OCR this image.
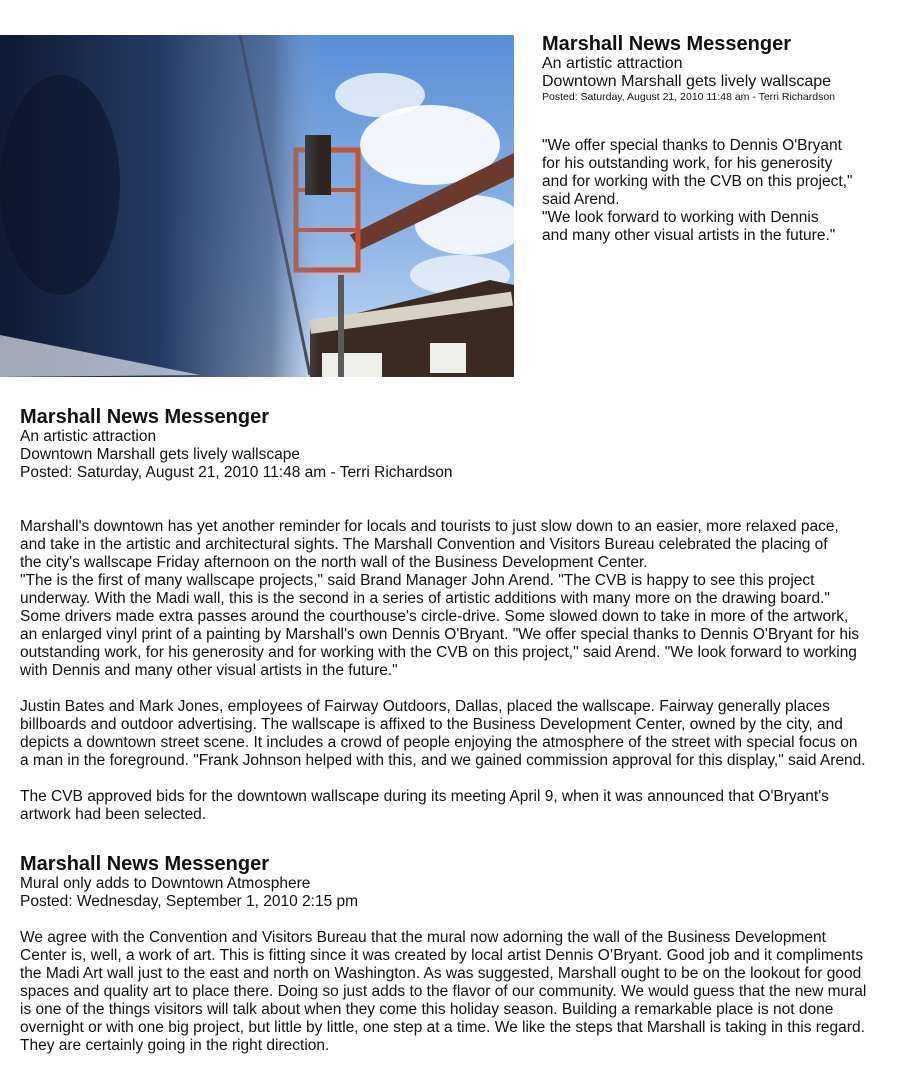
Marshall News Messenger
An artistic attraction
Downtown Marshall gets lively wallscape
Posted: Saturday, August 21, 2010 11:48 am - Terri Richardson
"We offer special thanks to Dennis O'Bryant
for his outstanding work, for his generosity
and for working with the CVB on this project,"
said Arend.
"We look forward to working with Dennis
and many other visual artists in the future."
Marshall News Messenger
An artistic attraction
Downtown Marshall gets lively wallscape
Posted: Saturday, August 21, 2010 11:48 am - Terri Richardson

Marshall's downtown has yet another reminder for locals and tourists to just slow down to an easier, more relaxed pace,
and take in the artistic and architectural sights. The Marshall Convention and Visitors Bureau celebrated the placing of
the city's wallscape Friday afternoon on the north wall of the Business Development Center.
"The is the first of many wallscape projects," said Brand Manager John Arend. "The CVB is happy to see this project
underway. With the Madi wall, this is the second in a series of artistic additions with many more on the drawing board."
Some drivers made extra passes around the courthouse's circle-drive. Some slowed down to take in more of the artwork,
an enlarged vinyl print of a painting by Marshall's own Dennis O'Bryant. "We offer special thanks to Dennis O'Bryant for his
outstanding work, for his generosity and for working with the CVB on this project," said Arend. "We look forward to working
with Dennis and many other visual artists in the future."

Justin Bates and Mark Jones, employees of Fairway Outdoors, Dallas, placed the wallscape. Fairway generally places
billboards and outdoor advertising. The wallscape is affixed to the Business Development Center, owned by the city, and
depicts a downtown street scene. It includes a crowd of people enjoying the atmosphere of the street with special focus on
a man in the foreground. "Frank Johnson helped with this, and we gained commission approval for this display," said Arend.

The CVB approved bids for the downtown wallscape during its meeting April 9, when it was announced that O'Bryant's
artwork had been selected.

Marshall News Messenger
Mural only adds to Downtown Atmosphere
Posted: Wednesday, September 1, 2010 2:15 pm

We agree with the Convention and Visitors Bureau that the mural now adorning the wall of the Business Development
Center is, well, a work of art. This is fitting since it was created by local artist Dennis O’Bryant. Good job and it compliments
the Madi Art wall just to the east and north on Washington. As was suggested, Marshall ought to be on the lookout for good
spaces and quality art to place there. Doing so just adds to the flavor of our community. We would guess that the new mural
is one of the things visitors will talk about when they come this holiday season. Building a remarkable place is not done
overnight or with one big project, but little by little, one step at a time. We like the steps that Marshall is taking in this regard.
They are certainly going in the right direction.
